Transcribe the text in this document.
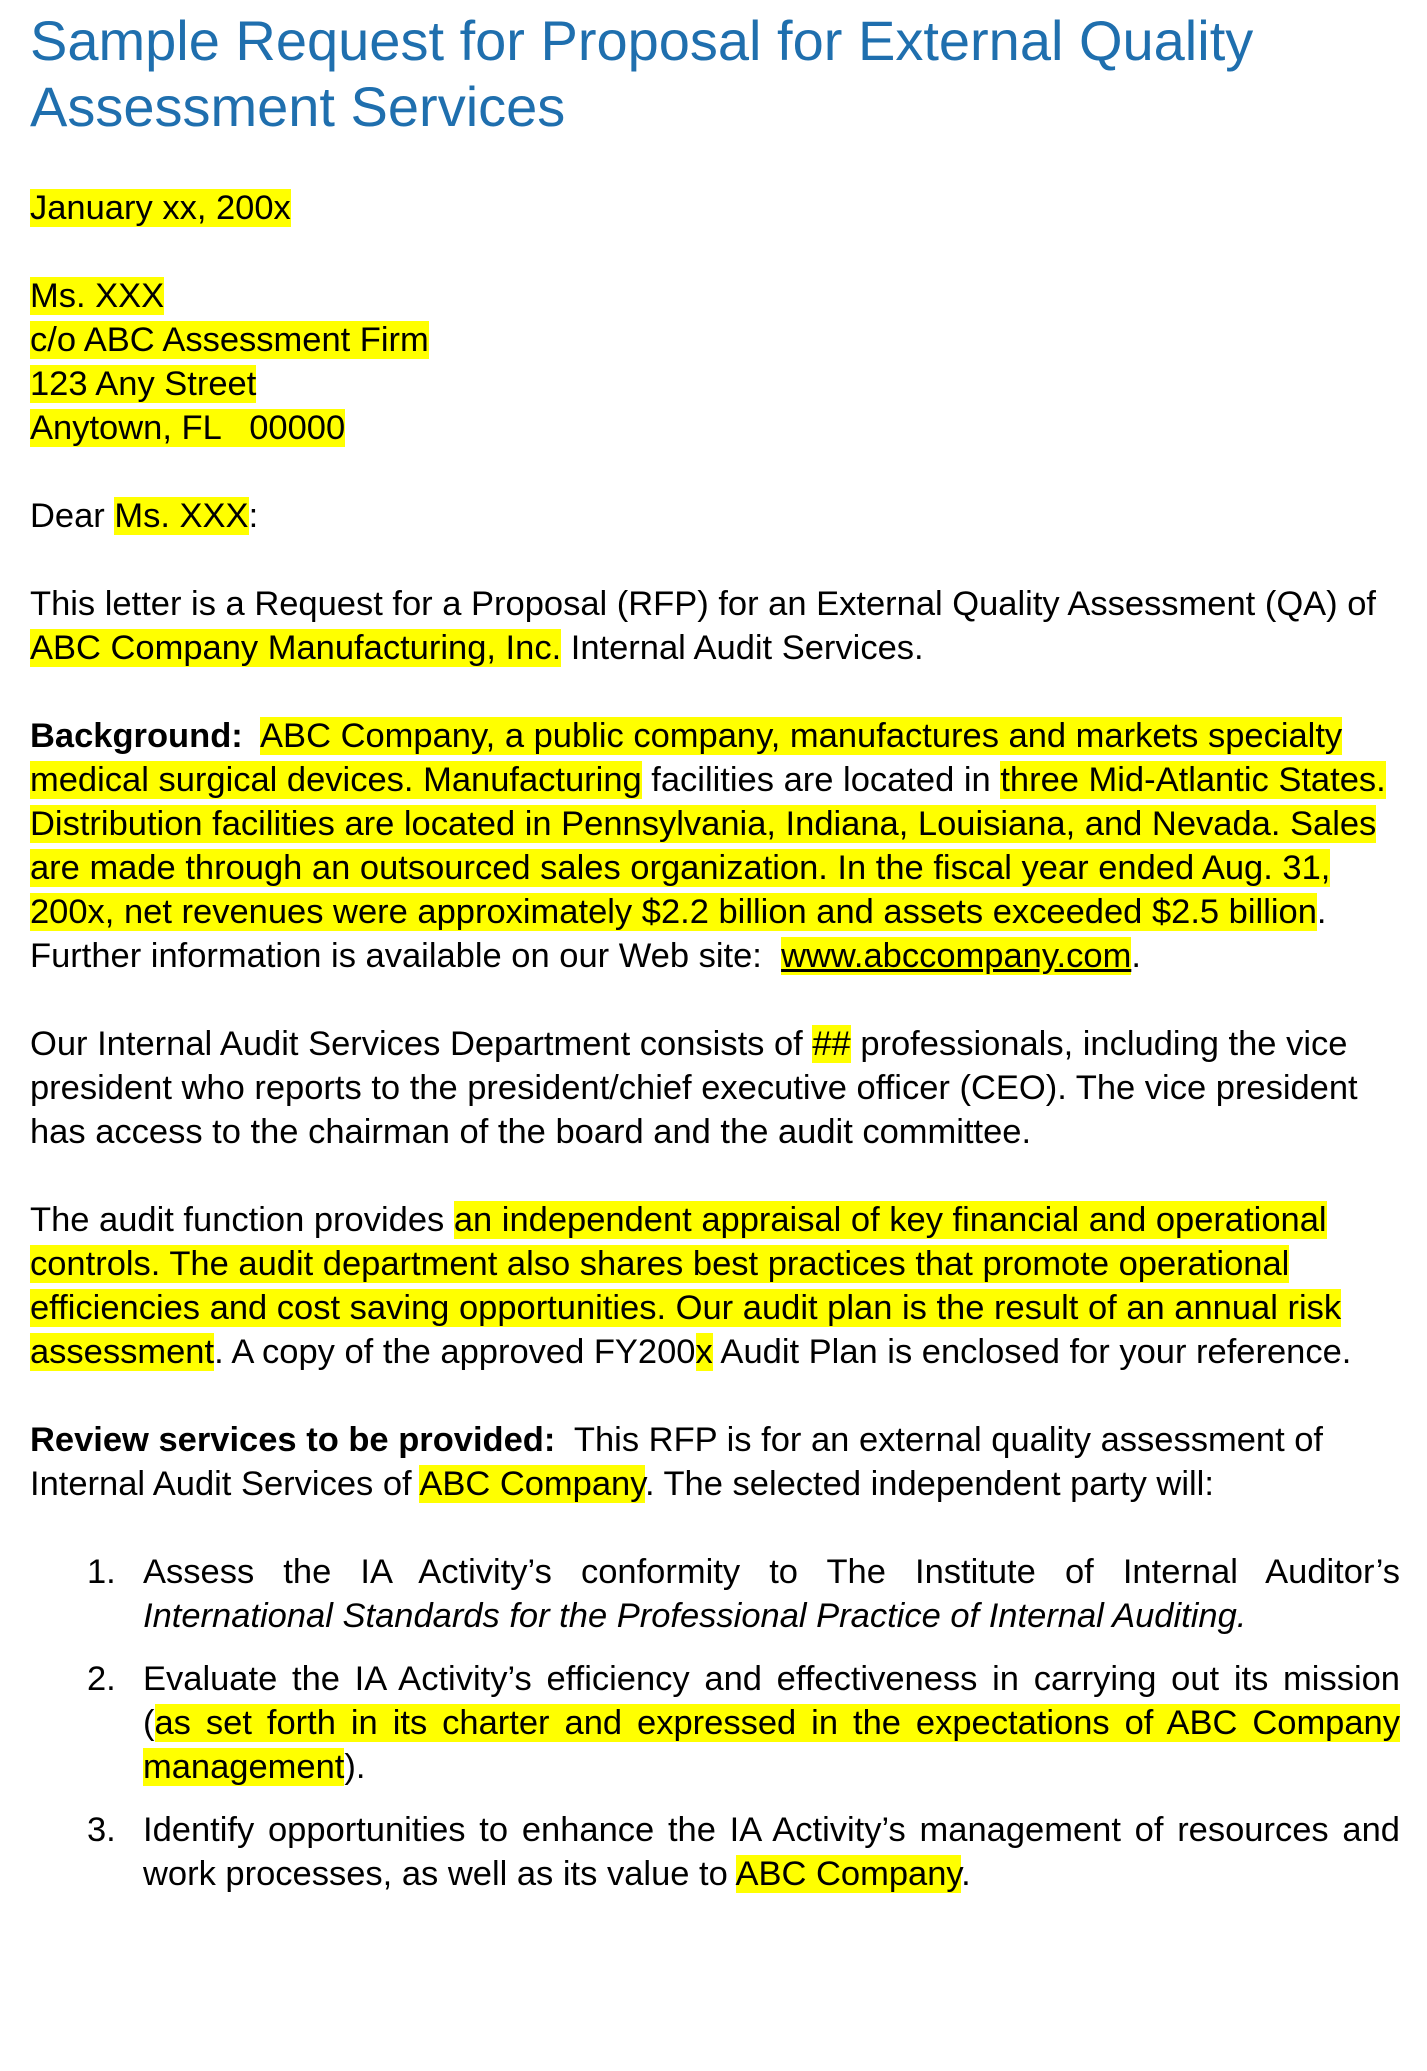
Sample Request for Proposal for External Quality Assessment Services

January xx, 200x

Ms. XXX

c/o ABC Assessment Firm

123 Any Street

Anytown, FL   00000

Dear Ms. XXX:

This letter is a Request for a Proposal (RFP) for an External Quality Assessment (QA) of ABC Company Manufacturing, Inc. Internal Audit Services.

Background: ABC Company, a public company, manufactures and markets specialty medical surgical devices. Manufacturing facilities are located in three Mid-Atlantic States. Distribution facilities are located in Pennsylvania, Indiana, Louisiana, and Nevada. Sales are made through an outsourced sales organization. In the fiscal year ended Aug. 31, 200x, net revenues were approximately $2.2 billion and assets exceeded $2.5 billion.  Further information is available on our Web site:  www.abccompany.com.

Our Internal Audit Services Department consists of ## professionals, including the vice president who reports to the president/chief executive officer (CEO). The vice president has access to the chairman of the board and the audit committee.

The audit function provides an independent appraisal of key financial and operational controls. The audit department also shares best practices that promote operational efficiencies and cost saving opportunities. Our audit plan is the result of an annual risk assessment. A copy of the approved FY200x Audit Plan is enclosed for your reference.

Review services to be provided:  This RFP is for an external quality assessment of Internal Audit Services of ABC Company. The selected independent party will:

1. Assess the IA Activity’s conformity to The Institute of Internal Auditor’s International Standards for the Professional Practice of Internal Auditing.
2. Evaluate the IA Activity’s efficiency and effectiveness in carrying out its mission (as set forth in its charter and expressed in the expectations of ABC Company management).
3. Identify opportunities to enhance the IA Activity’s management of resources and work processes, as well as its value to ABC Company.
